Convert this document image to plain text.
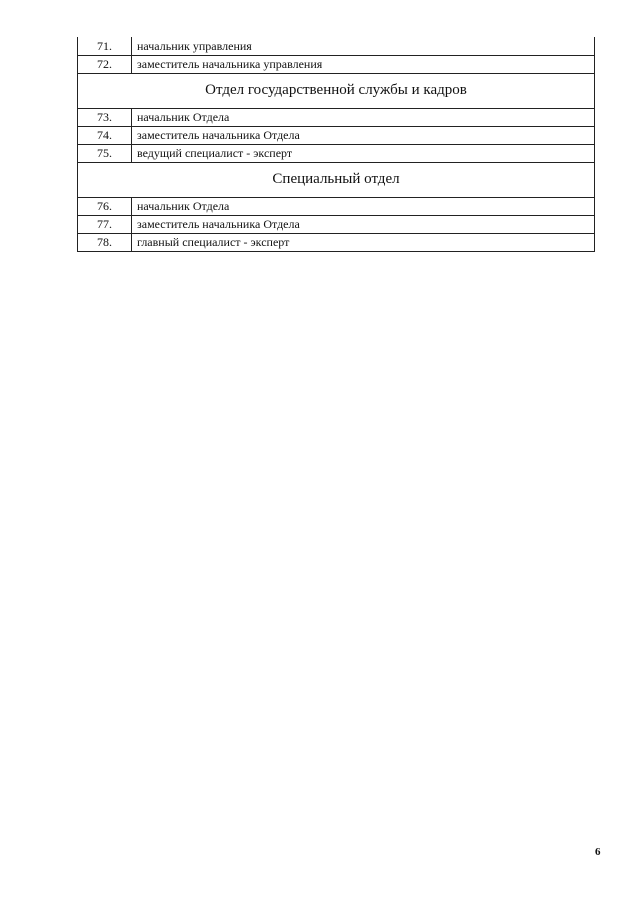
71.	начальник управления
72.	заместитель начальника управления
Отдел государственной службы и кадров	
73.	начальник Отдела
74.	заместитель начальника Отдела
75.	ведущий специалист - эксперт
Специальный отдел	
76.	начальник Отдела
77.	заместитель начальника Отдела
78.	главный специалист - эксперт
6
